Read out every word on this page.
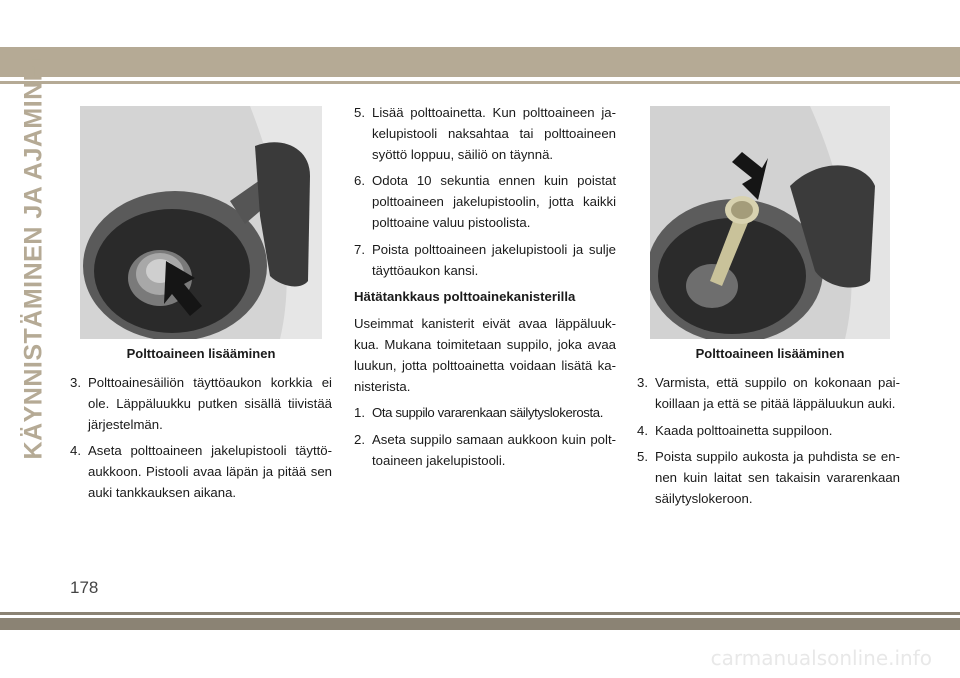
KÄYNNISTÄMINEN JA AJAMINEN	Polttoaineen lisääminen
3. Polttoainesäiliön täyttöaukon korkkia ei ole. Läppäluukku putken sisällä tiivistää järjestelmän.
4. Aseta polttoaineen jakelupistooli täyttö-aukkoon. Pistooli avaa läpän ja pitää sen auki tankkauksen aikana.
5. Lisää polttoainetta. Kun polttoaineen ja-kelupistooli naksahtaa tai polttoaineen syöttö loppuu, säiliö on täynnä.
6. Odota 10 sekuntia ennen kuin poistat polttoaineen jakelupistoolin, jotta kaikki polttoaine valuu pistoolista.
7. Poista polttoaineen jakelupistooli ja sulje täyttöaukon kansi.
Hätätankkaus polttoainekanisterilla
Useimmat kanisterit eivät avaa läppäluuk-kua. Mukana toimitetaan suppilo, joka avaa luukun, jotta polttoainetta voidaan lisätä ka-nisterista.
1. Ota suppilo vararenkaan säilytyslokerosta.
2. Aseta suppilo samaan aukkoon kuin polt-toaineen jakelupistooli.
Polttoaineen lisääminen
3. Varmista, että suppilo on kokonaan pai-koillaan ja että se pitää läppäluukun auki.
4. Kaada polttoainetta suppiloon.
5. Poista suppilo aukosta ja puhdista se en-nen kuin laitat sen takaisin vararenkaan säilytyslokeroon.
178
carmanualsonline.info
